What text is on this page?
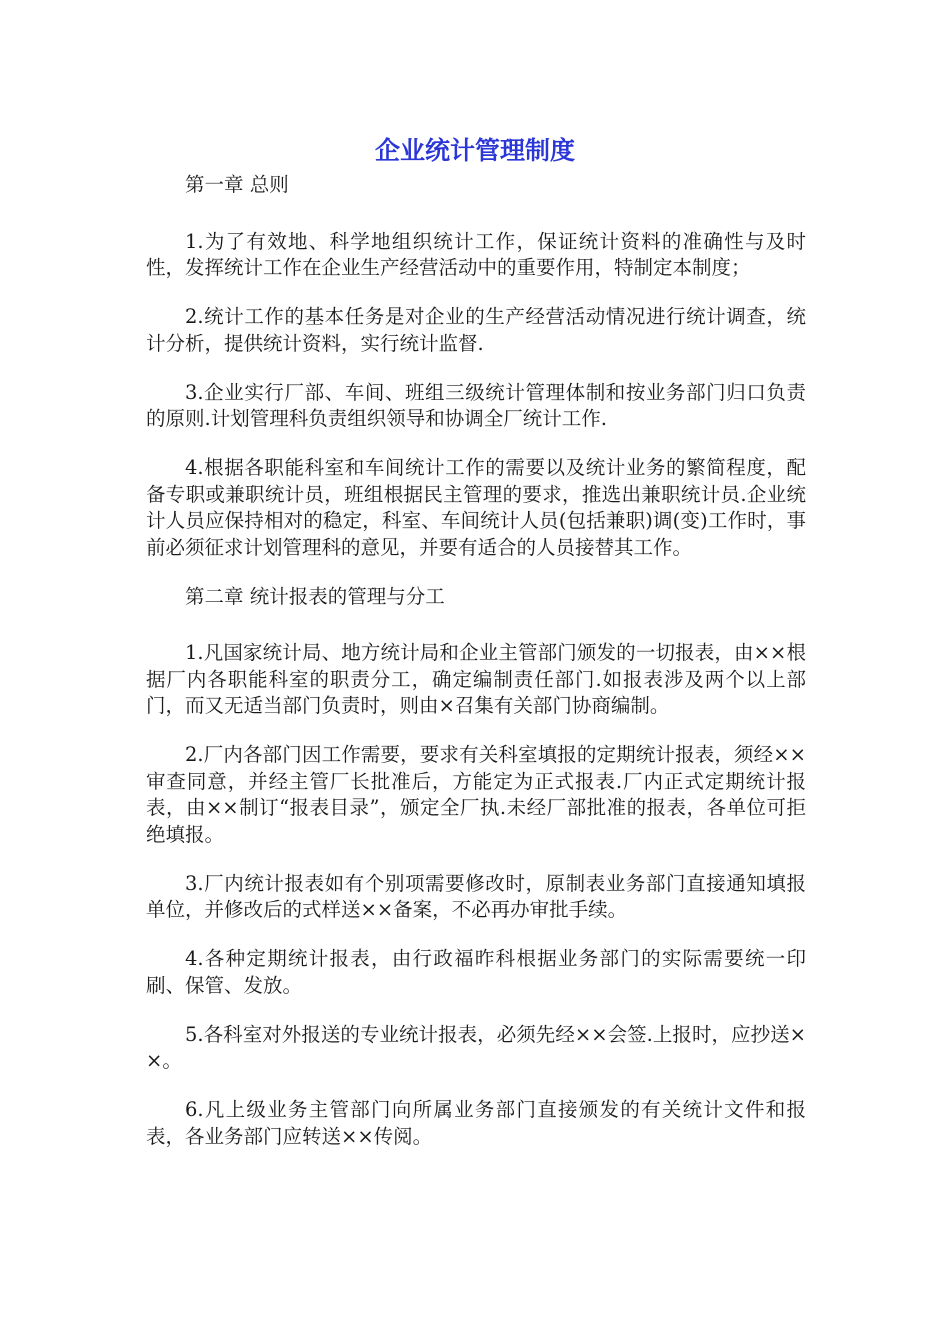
企业统计管理制度

第一章 总则

1.为了有效地、科学地组织统计工作，保证统计资料的准确性与及时性，发挥统计工作在企业生产经营活动中的重要作用，特制定本制度；

2.统计工作的基本任务是对企业的生产经营活动情况进行统计调查，统计分析，提供统计资料，实行统计监督.

3.企业实行厂部、车间、班组三级统计管理体制和按业务部门归口负责的原则.计划管理科负责组织领导和协调全厂统计工作.

4.根据各职能科室和车间统计工作的需要以及统计业务的繁简程度，配备专职或兼职统计员，班组根据民主管理的要求，推选出兼职统计员.企业统计人员应保持相对的稳定，科室、车间统计人员(包括兼职)调(变)工作时，事前必须征求计划管理科的意见，并要有适合的人员接替其工作。

第二章 统计报表的管理与分工

1.凡国家统计局、地方统计局和企业主管部门颁发的一切报表，由××根据厂内各职能科室的职责分工，确定编制责任部门.如报表涉及两个以上部门，而又无适当部门负责时，则由×召集有关部门协商编制。

2.厂内各部门因工作需要，要求有关科室填报的定期统计报表，须经××审查同意，并经主管厂长批准后，方能定为正式报表.厂内正式定期统计报表，由××制订“报表目录”，颁定全厂执.未经厂部批准的报表，各单位可拒绝填报。

3.厂内统计报表如有个别项需要修改时，原制表业务部门直接通知填报单位，并修改后的式样送××备案，不必再办审批手续。

4.各种定期统计报表，由行政福昨科根据业务部门的实际需要统一印刷、保管、发放。

5.各科室对外报送的专业统计报表，必须先经××会签.上报时，应抄送××。

6.凡上级业务主管部门向所属业务部门直接颁发的有关统计文件和报表，各业务部门应转送××传阅。
